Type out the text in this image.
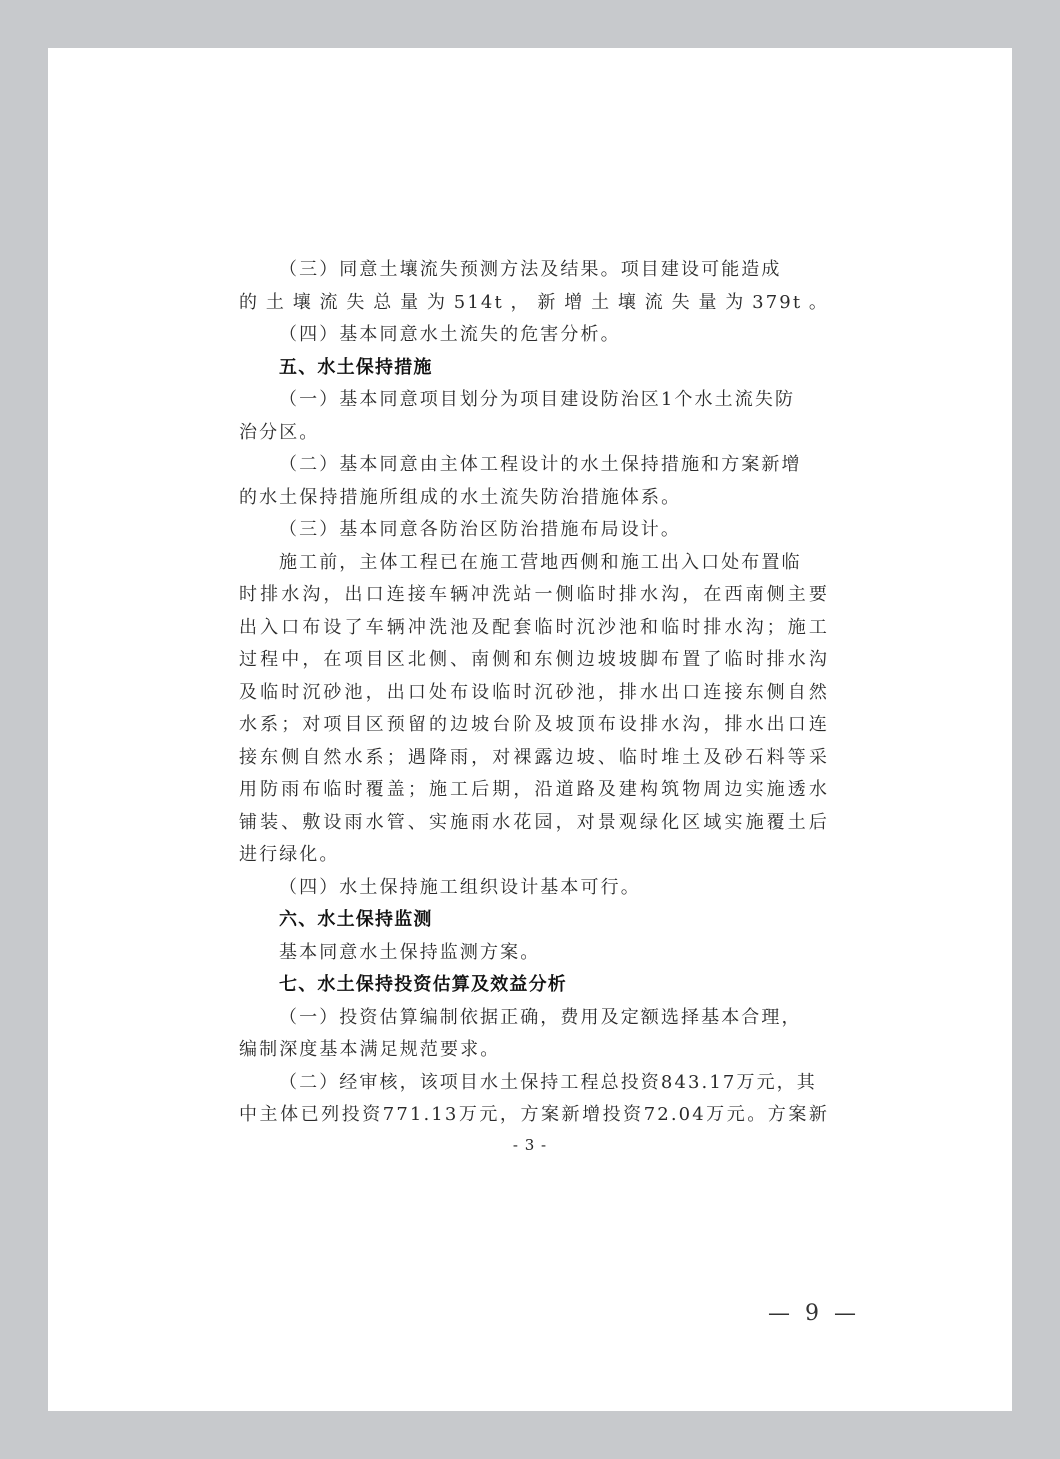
（三）同意土壤流失预测方法及结果。项目建设可能造成
的土壤流失总量为514t，新增土壤流失量为379t。
（四）基本同意水土流失的危害分析。
五、水土保持措施
（一）基本同意项目划分为项目建设防治区1个水土流失防
治分区。
（二）基本同意由主体工程设计的水土保持措施和方案新增
的水土保持措施所组成的水土流失防治措施体系。
（三）基本同意各防治区防治措施布局设计。
施工前，主体工程已在施工营地西侧和施工出入口处布置临
时排水沟，出口连接车辆冲洗站一侧临时排水沟，在西南侧主要
出入口布设了车辆冲洗池及配套临时沉沙池和临时排水沟；施工
过程中，在项目区北侧、南侧和东侧边坡坡脚布置了临时排水沟
及临时沉砂池，出口处布设临时沉砂池，排水出口连接东侧自然
水系；对项目区预留的边坡台阶及坡顶布设排水沟，排水出口连
接东侧自然水系；遇降雨，对裸露边坡、临时堆土及砂石料等采
用防雨布临时覆盖；施工后期，沿道路及建构筑物周边实施透水
铺装、敷设雨水管、实施雨水花园，对景观绿化区域实施覆土后
进行绿化。
（四）水土保持施工组织设计基本可行。
六、水土保持监测
基本同意水土保持监测方案。
七、水土保持投资估算及效益分析
（一）投资估算编制依据正确，费用及定额选择基本合理，
编制深度基本满足规范要求。
（二）经审核，该项目水土保持工程总投资843.17万元，其
中主体已列投资771.13万元，方案新增投资72.04万元。方案新
- 3 -
— 9 —
